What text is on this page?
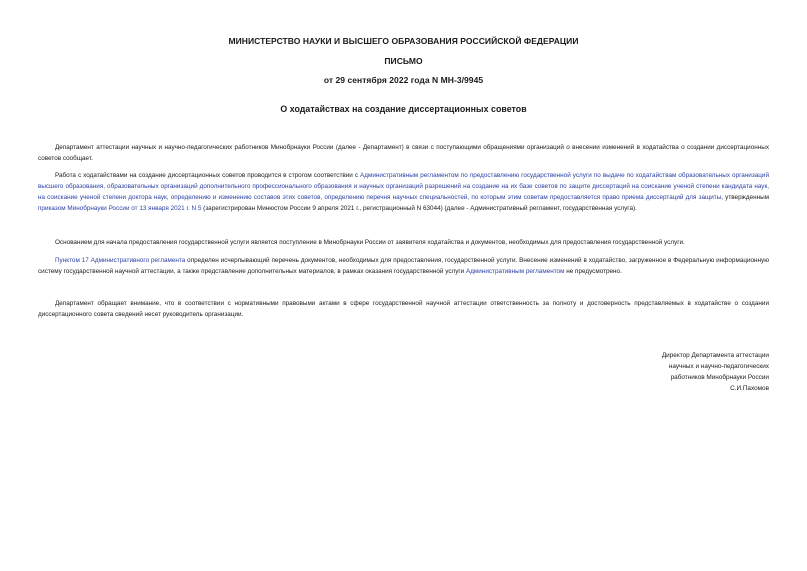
МИНИСТЕРСТВО НАУКИ И ВЫСШЕГО ОБРАЗОВАНИЯ РОССИЙСКОЙ ФЕДЕРАЦИИ
ПИСЬМО
от 29 сентября 2022 года N МН-3/9945
О ходатайствах на создание диссертационных советов

Департамент аттестации научных и научно-педагогических работников Минобрнауки России (далее - Департамент) в связи с поступающими обращениями организаций о внесении изменений в ходатайства о создании диссертационных советов сообщает.

Работа с ходатайствами на создание диссертационных советов проводится в строгом соответствии с Административным регламентом по предоставлению государственной услуги по выдаче по ходатайствам образовательных организаций высшего образования, образовательных организаций дополнительного профессионального образования и научных организаций разрешений на создание на их базе советов по защите диссертаций на соискание ученой степени кандидата наук, на соискание ученой степени доктора наук, определению и изменению составов этих советов, определению перечня научных специальностей, по которым этим советам предоставляется право приема диссертаций для защиты, утвержденным приказом Минобрнауки России от 13 января 2021 г. N 5 (зарегистрирован Минюстом России 9 апреля 2021 г., регистрационный N 63044) (далее - Административный регламент, государственная услуга).

Основанием для начала предоставления государственной услуги является поступление в Минобрнауки России от заявителя ходатайства и документов, необходимых для предоставления государственной услуги.

Пунктом 17 Административного регламента определен исчерпывающий перечень документов, необходимых для предоставления, государственной услуги. Внесение изменений в ходатайство, загруженное в Федеральную информационную систему государственной научной аттестации, а также представление дополнительных материалов, в рамках оказания государственной услуги Административным регламентом не предусмотрено.

Департамент обращает внимание, что в соответствии с нормативными правовыми актами в сфере государственной научной аттестации ответственность за полноту и достоверность представляемых в ходатайстве о создании диссертационного совета сведений несет руководитель организации.

Директор Департамента аттестации
научных и научно-педагогических
работников Минобрнауки России
С.И.Пахомов
